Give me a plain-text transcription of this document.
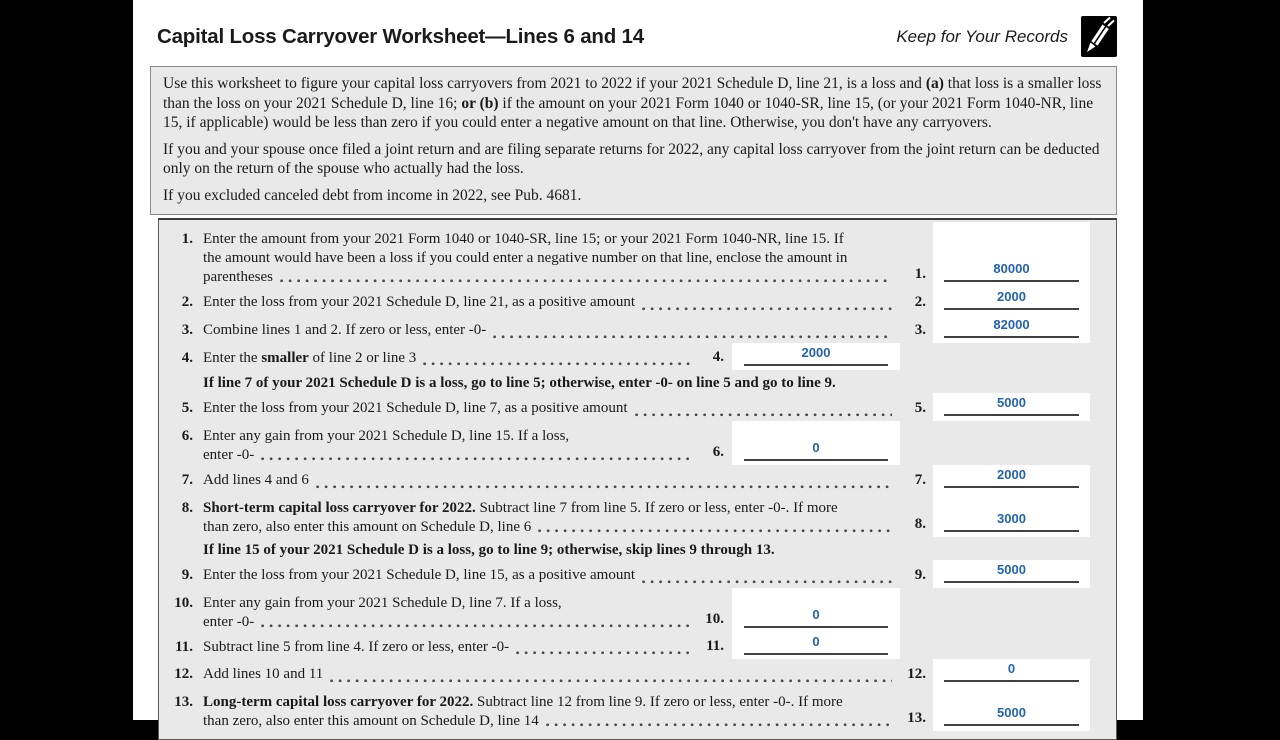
Capital Loss Carryover Worksheet—Lines 6 and 14	Keep for Your Records

Use this worksheet to figure your capital loss carryovers from 2021 to 2022 if your 2021 Schedule D, line 21, is a loss and (a) that loss is a smaller loss than the loss on your 2021 Schedule D, line 16; or (b) if the amount on your 2021 Form 1040 or 1040-SR, line 15, (or your 2021 Form 1040-NR, line 15, if applicable) would be less than zero if you could enter a negative amount on that line. Otherwise, you don't have any carryovers.

If you and your spouse once filed a joint return and are filing separate returns for 2022, any capital loss carryover from the joint return can be deducted only on the return of the spouse who actually had the loss.

If you excluded canceled debt from income in 2022, see Pub. 4681.

1. Enter the amount from your 2021 Form 1040 or 1040-SR, line 15; or your 2021 Form 1040-NR, line 15. If
the amount would have been a loss if you could enter a negative number on that line, enclose the amount in
parentheses	1.	80000
2. Enter the loss from your 2021 Schedule D, line 21, as a positive amount	2.	2000
3. Combine lines 1 and 2. If zero or less, enter -0-	3.	82000
4. Enter the smaller of line 2 or line 3	4.	2000
If line 7 of your 2021 Schedule D is a loss, go to line 5; otherwise, enter -0- on line 5 and go to line 9.
5. Enter the loss from your 2021 Schedule D, line 7, as a positive amount	5.	5000
6. Enter any gain from your 2021 Schedule D, line 15. If a loss,
enter -0-	6.	0
7. Add lines 4 and 6	7.	2000
8. Short-term capital loss carryover for 2022. Subtract line 7 from line 5. If zero or less, enter -0-. If more
than zero, also enter this amount on Schedule D, line 6	8.	3000
If line 15 of your 2021 Schedule D is a loss, go to line 9; otherwise, skip lines 9 through 13.
9. Enter the loss from your 2021 Schedule D, line 15, as a positive amount	9.	5000
10. Enter any gain from your 2021 Schedule D, line 7. If a loss,
enter -0-	10.	0
11. Subtract line 5 from line 4. If zero or less, enter -0-	11.	0
12. Add lines 10 and 11	12.	0
13. Long-term capital loss carryover for 2022. Subtract line 12 from line 9. If zero or less, enter -0-. If more
than zero, also enter this amount on Schedule D, line 14	13.	5000
